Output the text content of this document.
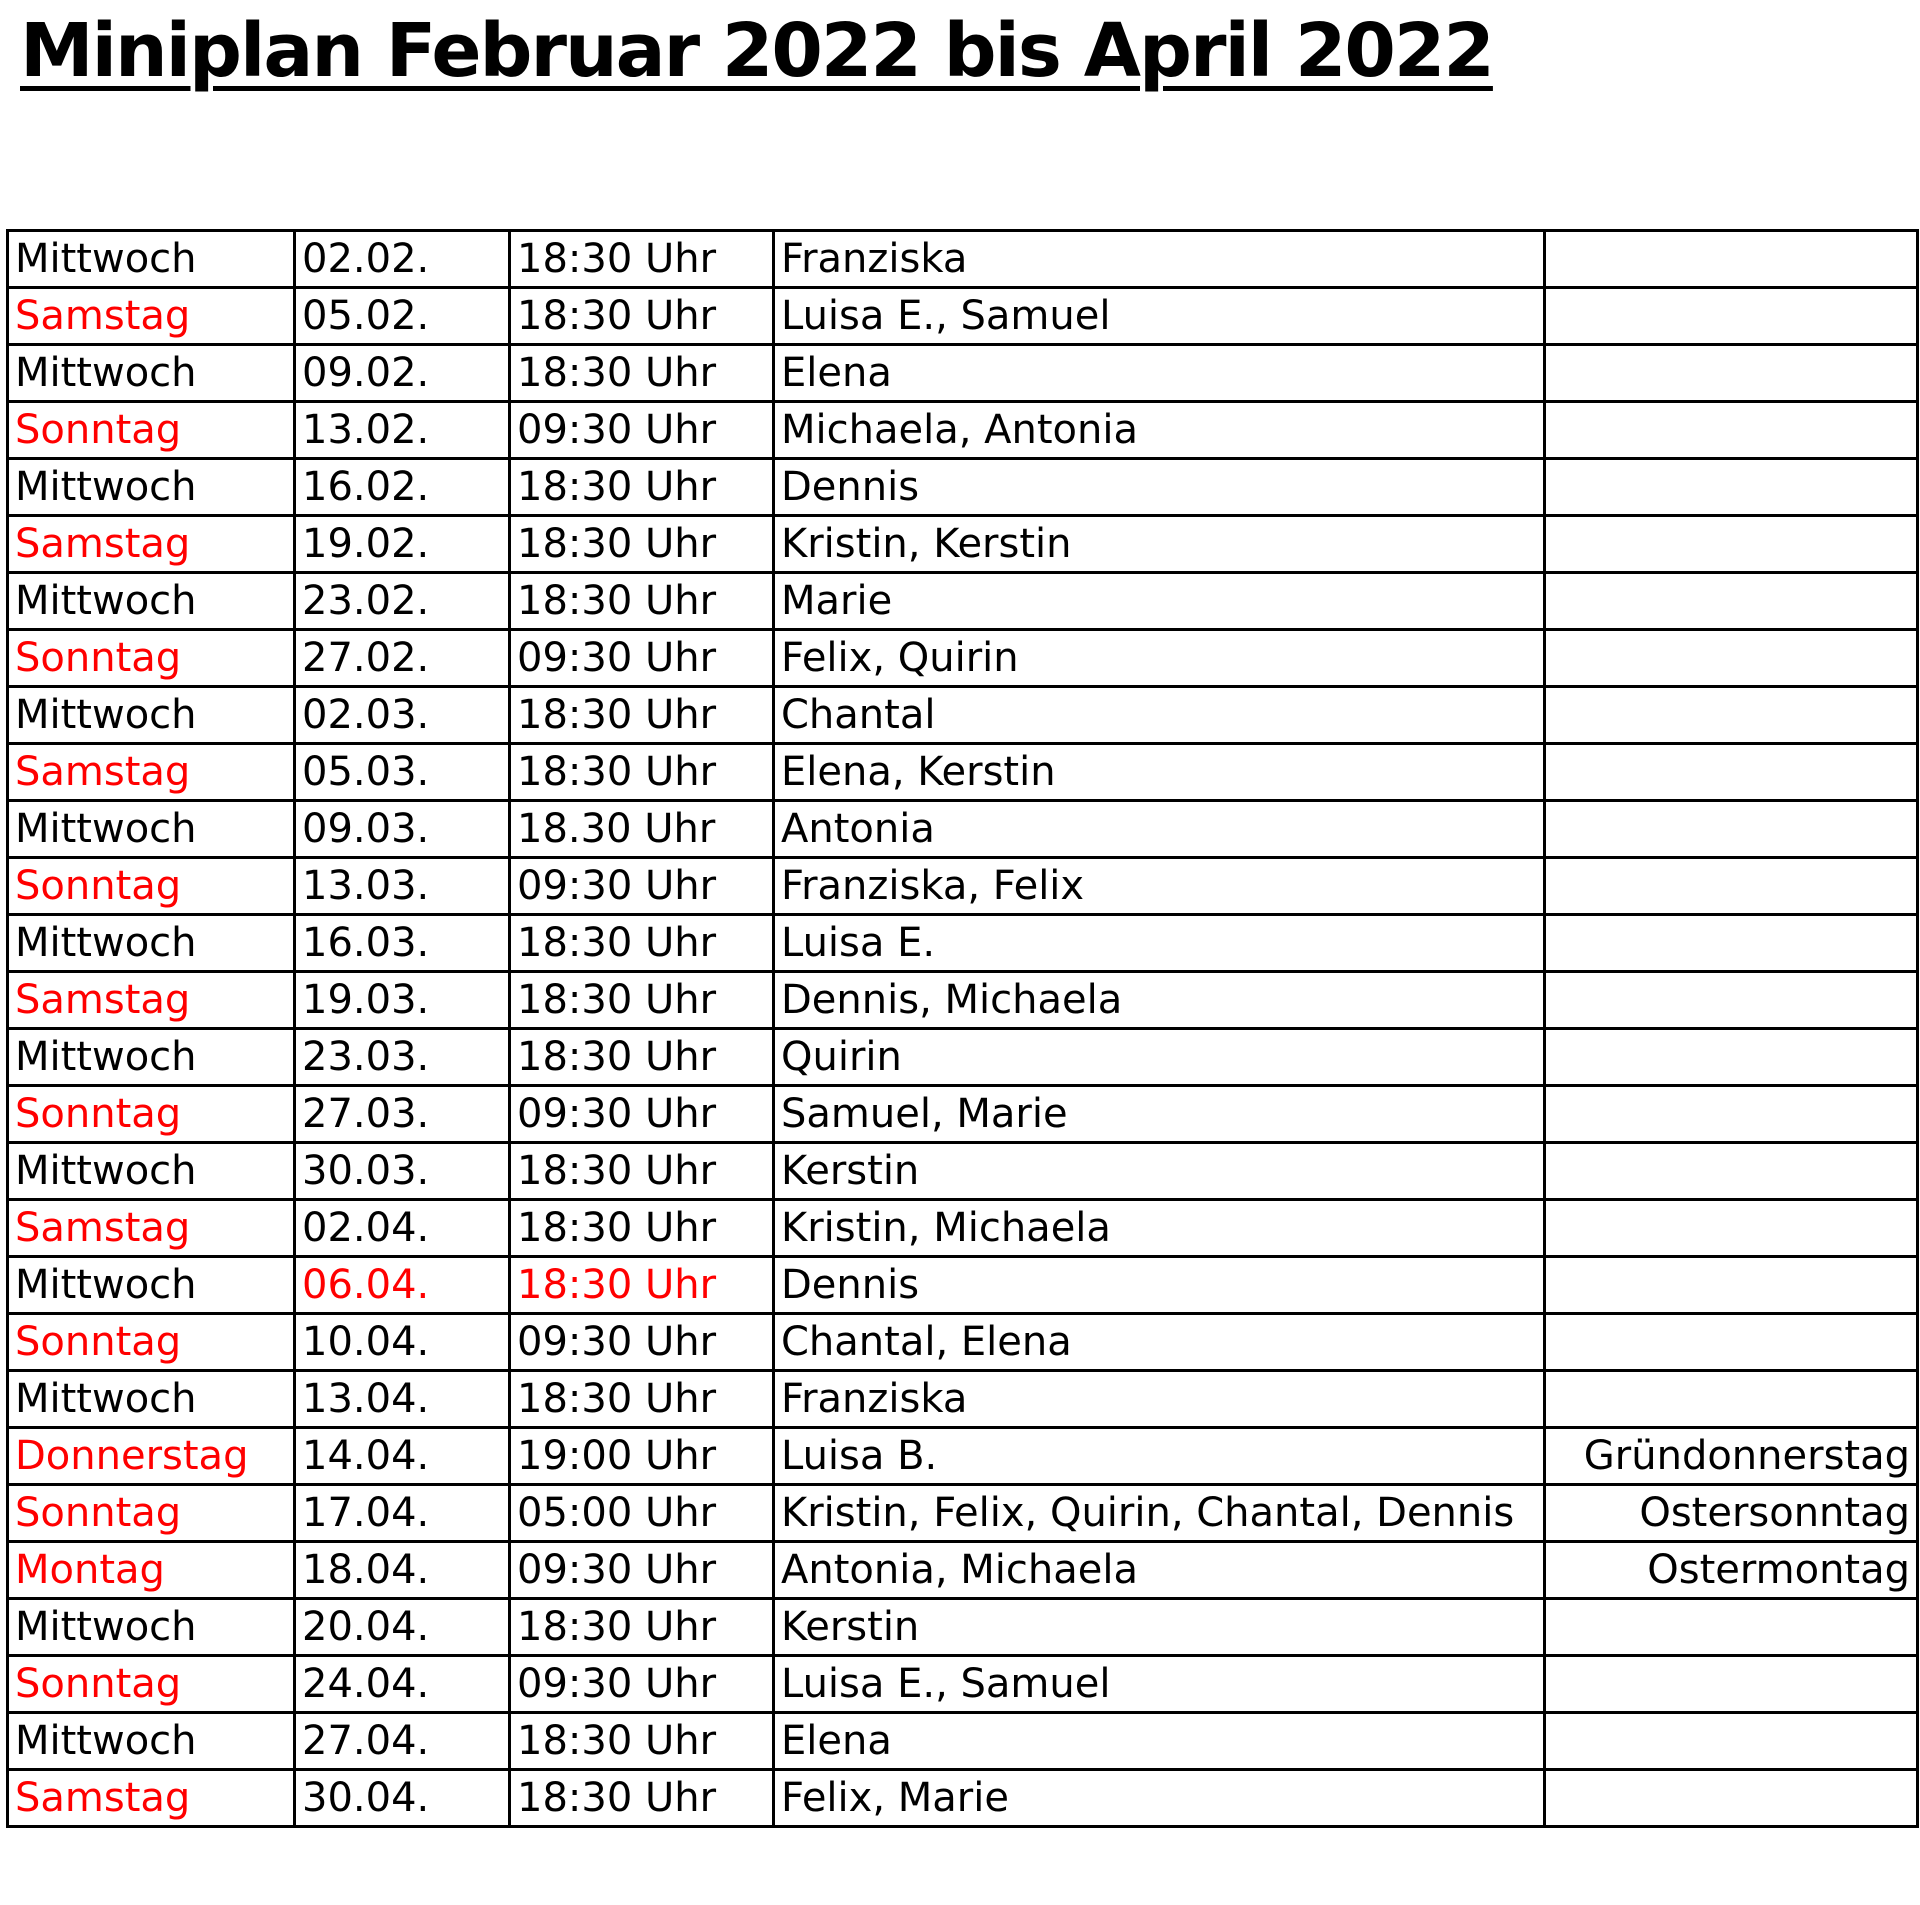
Miniplan Februar 2022 bis April 2022
Mittwoch	02.02.	18:30 Uhr	Franziska	
Samstag	05.02.	18:30 Uhr	Luisa E., Samuel	
Mittwoch	09.02.	18:30 Uhr	Elena	
Sonntag	13.02.	09:30 Uhr	Michaela, Antonia	
Mittwoch	16.02.	18:30 Uhr	Dennis	
Samstag	19.02.	18:30 Uhr	Kristin, Kerstin	
Mittwoch	23.02.	18:30 Uhr	Marie	
Sonntag	27.02.	09:30 Uhr	Felix, Quirin	
Mittwoch	02.03.	18:30 Uhr	Chantal	
Samstag	05.03.	18:30 Uhr	Elena, Kerstin	
Mittwoch	09.03.	18.30 Uhr	Antonia	
Sonntag	13.03.	09:30 Uhr	Franziska, Felix	
Mittwoch	16.03.	18:30 Uhr	Luisa E.	
Samstag	19.03.	18:30 Uhr	Dennis, Michaela	
Mittwoch	23.03.	18:30 Uhr	Quirin	
Sonntag	27.03.	09:30 Uhr	Samuel, Marie	
Mittwoch	30.03.	18:30 Uhr	Kerstin	
Samstag	02.04.	18:30 Uhr	Kristin, Michaela	
Mittwoch	06.04.	18:30 Uhr	Dennis	
Sonntag	10.04.	09:30 Uhr	Chantal, Elena	
Mittwoch	13.04.	18:30 Uhr	Franziska	
Donnerstag	14.04.	19:00 Uhr	Luisa B.	Gründonnerstag
Sonntag	17.04.	05:00 Uhr	Kristin, Felix, Quirin, Chantal, Dennis	Ostersonntag
Montag	18.04.	09:30 Uhr	Antonia, Michaela	Ostermontag
Mittwoch	20.04.	18:30 Uhr	Kerstin	
Sonntag	24.04.	09:30 Uhr	Luisa E., Samuel	
Mittwoch	27.04.	18:30 Uhr	Elena	
Samstag	30.04.	18:30 Uhr	Felix, Marie	
